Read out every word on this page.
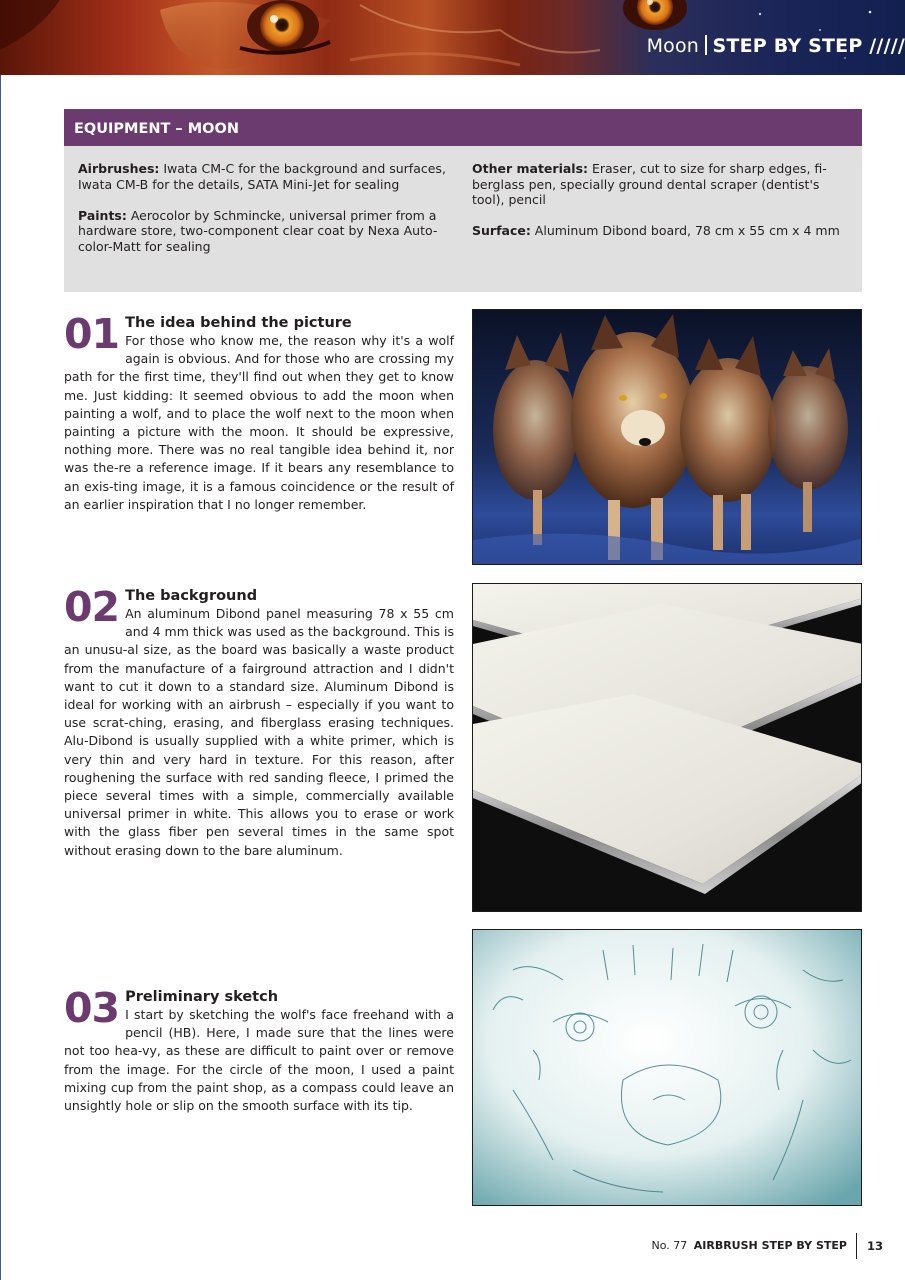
Moon STEP BY STEP /////
EQUIPMENT – MOON

Airbrushes: Iwata CM-C for the background and surfaces, Iwata CM-B for the details, SATA Mini-Jet for sealing

Paints: Aerocolor by Schmincke, universal primer from a hardware store, two-component clear coat by Nexa Auto-color-Matt for sealing

Other materials: Eraser, cut to size for sharp edges, fi-berglass pen, specially ground dental scraper (dentist's tool), pencil

Surface: Aluminum Dibond board, 78 cm x 55 cm x 4 mm

01 The idea behind the picture
For those who know me, the reason why it's a wolf again is obvious. And for those who are crossing my path for the first time, they'll find out when they get to know me. Just kidding: It seemed obvious to add the moon when painting a wolf, and to place the wolf next to the moon when painting a picture with the moon. It should be expressive, nothing more. There was no real tangible idea behind it, nor was the-re a reference image. If it bears any resemblance to an exis-ting image, it is a famous coincidence or the result of an earlier inspiration that I no longer remember.
02 The background
An aluminum Dibond panel measuring 78 x 55 cm and 4 mm thick was used as the background. This is an unusu-al size, as the board was basically a waste product from the manufacture of a fairground attraction and I didn't want to cut it down to a standard size. Aluminum Dibond is ideal for working with an airbrush – especially if you want to use scrat-ching, erasing, and fiberglass erasing techniques. Alu-Dibond is usually supplied with a white primer, which is very thin and very hard in texture. For this reason, after roughening the surface with red sanding fleece, I primed the piece several times with a simple, commercially available universal primer in white. This allows you to erase or work with the glass fiber pen several times in the same spot without erasing down to the bare aluminum.
03 Preliminary sketch
I start by sketching the wolf's face freehand with a pencil (HB). Here, I made sure that the lines were not too hea-vy, as these are difficult to paint over or remove from the image. For the circle of the moon, I used a paint mixing cup from the paint shop, as a compass could leave an unsightly hole or slip on the smooth surface with its tip.
No. 77 AIRBRUSH STEP BY STEP 13
